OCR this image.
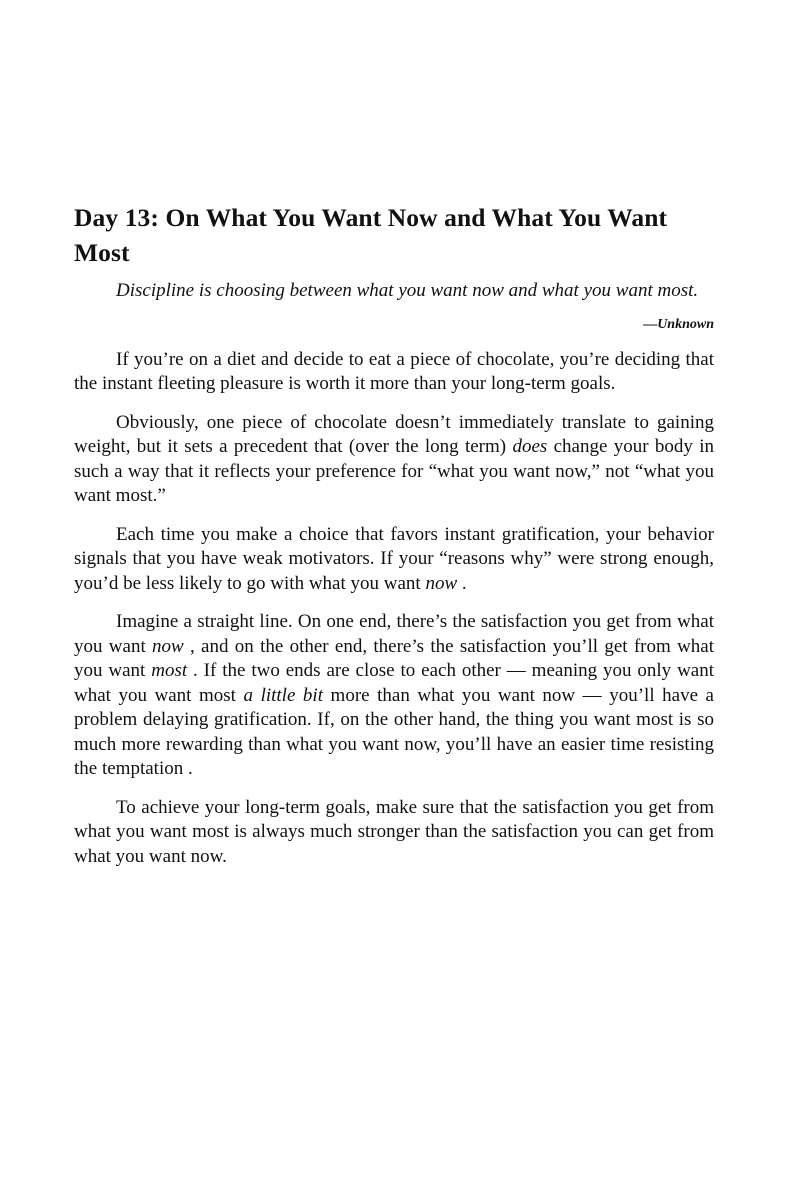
Day 13: On What You Want Now and What You Want Most

Discipline is choosing between what you want now and what you want most.

—Unknown

If you’re on a diet and decide to eat a piece of chocolate, you’re deciding that the instant fleeting pleasure is worth it more than your long-term goals.

Obviously, one piece of chocolate doesn’t immediately translate to gaining weight, but it sets a precedent that (over the long term) does change your body in such a way that it reflects your preference for “what you want now,” not “what you want most.”

Each time you make a choice that favors instant gratification, your behavior signals that you have weak motivators. If your “reasons why” were strong enough, you’d be less likely to go with what you want now .

Imagine a straight line. On one end, there’s the satisfaction you get from what you want now , and on the other end, there’s the satisfaction you’ll get from what you want most . If the two ends are close to each other — meaning you only want what you want most a little bit more than what you want now — you’ll have a problem delaying gratification. If, on the other hand, the thing you want most is so much more rewarding than what you want now, you’ll have an easier time resisting the temptation .

To achieve your long-term goals, make sure that the satisfaction you get from what you want most is always much stronger than the satisfaction you can get from what you want now.
